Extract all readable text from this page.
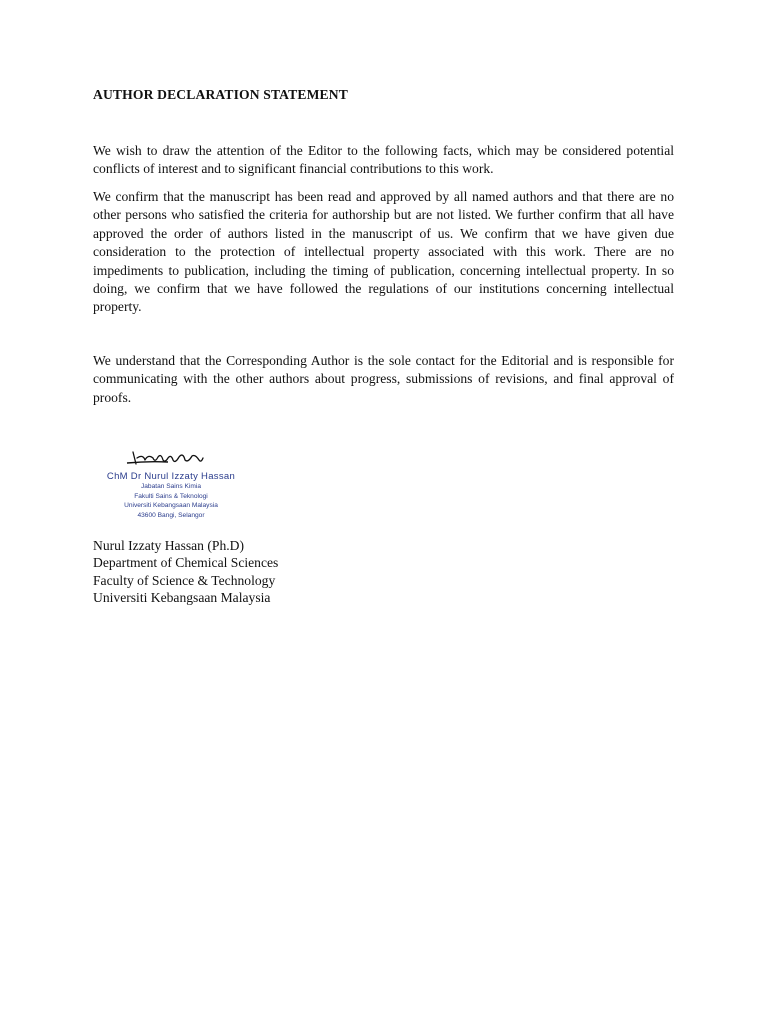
AUTHOR DECLARATION STATEMENT

We wish to draw the attention of the Editor to the following facts, which may be considered potential conflicts of interest and to significant financial contributions to this work.

We confirm that the manuscript has been read and approved by all named authors and that there are no other persons who satisfied the criteria for authorship but are not listed. We further confirm that all have approved the order of authors listed in the manuscript of us. We confirm that we have given due consideration to the protection of intellectual property associated with this work. There are no impediments to publication, including the timing of publication, concerning intellectual property. In so doing, we confirm that we have followed the regulations of our institutions concerning intellectual property.

We understand that the Corresponding Author is the sole contact for the Editorial and is responsible for communicating with the other authors about progress, submissions of revisions, and final approval of proofs.

ChM Dr Nurul Izzaty Hassan
Jabatan Sains Kimia
Fakulti Sains & Teknologi
Universiti Kebangsaan Malaysia
43600 Bangi, Selangor
Nurul Izzaty Hassan (Ph.D)
Department of Chemical Sciences
Faculty of Science & Technology
Universiti Kebangsaan Malaysia
